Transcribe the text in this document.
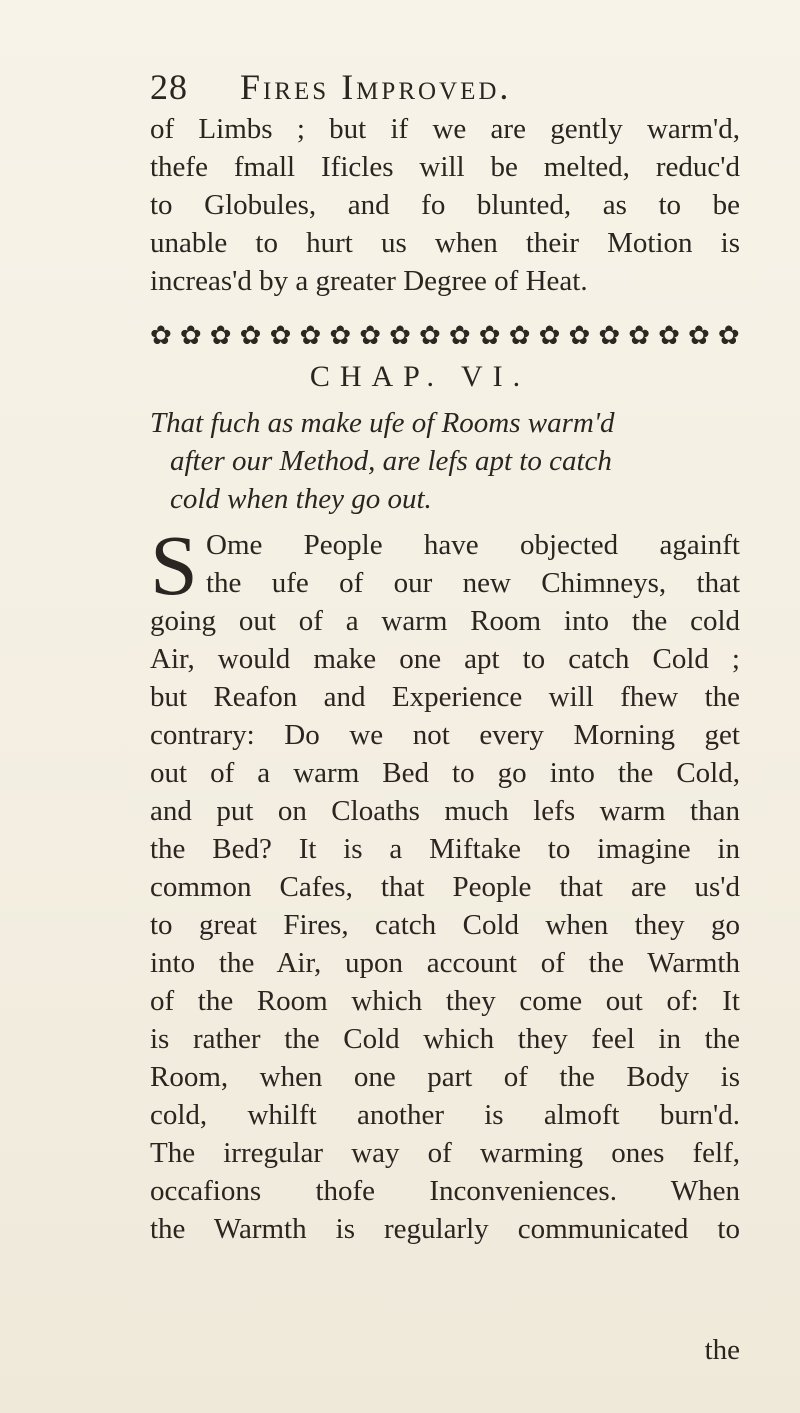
28 Fires Improved.
of Limbs ; but if we are gently warm'd,
thefe fmall Ificles will be melted, reduc'd
to Globules, and fo blunted, as to be
unable to hurt us when their Motion is
increas'd by a greater Degree of Heat.
✿ ✿ ✿ ✿ ✿ ✿ ✿ ✿ ✿ ✿ ✿ ✿ ✿ ✿ ✿ ✿ ✿ ✿ ✿ ✿
CHAP. VI.
That fuch as make ufe of Rooms warm'd
after our Method, are lefs apt to catch
cold when they go out.
S Ome People have objected againft
the ufe of our new Chimneys, that
going out of a warm Room into the cold
Air, would make one apt to catch Cold ;
but Reafon and Experience will fhew the
contrary: Do we not every Morning get
out of a warm Bed to go into the Cold,
and put on Cloaths much lefs warm than
the Bed? It is a Miftake to imagine in
common Cafes, that People that are us'd
to great Fires, catch Cold when they go
into the Air, upon account of the Warmth
of the Room which they come out of: It
is rather the Cold which they feel in the
Room, when one part of the Body is
cold, whilft another is almoft burn'd.
The irregular way of warming ones felf,
occafions thofe Inconveniences. When
the Warmth is regularly communicated to
the
